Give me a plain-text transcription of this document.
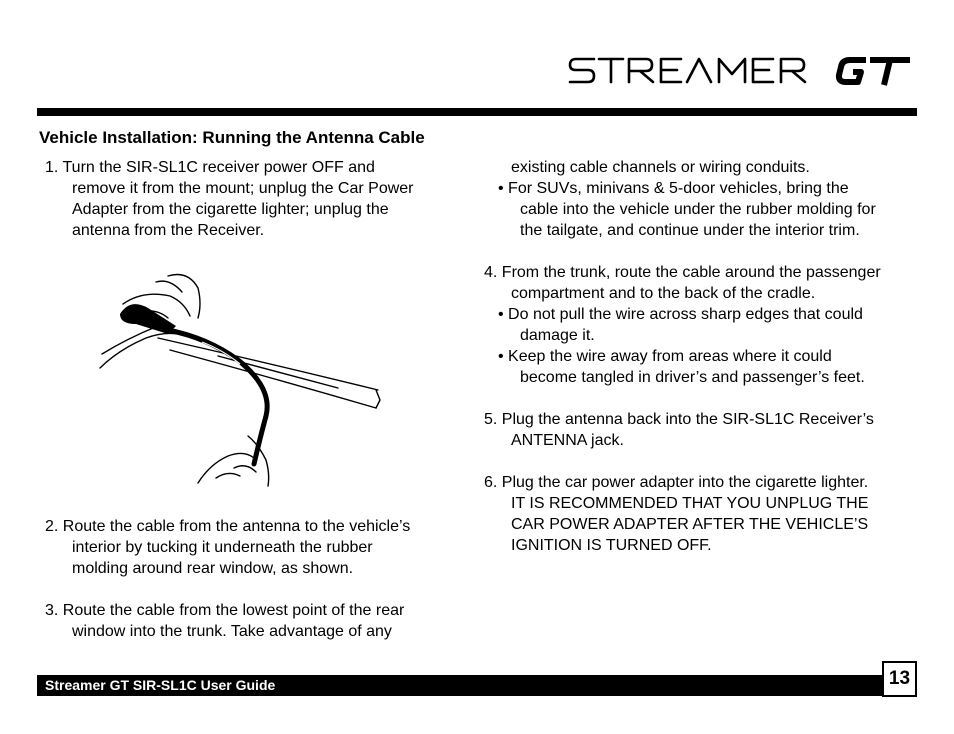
Vehicle Installation: Running the Antenna Cable

1. Turn the SIR-SL1C receiver power OFF and

remove it from the mount; unplug the Car Power

Adapter from the cigarette lighter; unplug the

antenna from the Receiver.

2. Route the cable from the antenna to the vehicle’s

interior by tucking it underneath the rubber

molding around rear window, as shown.

3. Route the cable from the lowest point of the rear

window into the trunk. Take advantage of any

existing cable channels or wiring conduits.

• For SUVs, minivans & 5-door vehicles, bring the

cable into the vehicle under the rubber molding for

the tailgate, and continue under the interior trim.

4. From the trunk, route the cable around the passenger

compartment and to the back of the cradle.

• Do not pull the wire across sharp edges that could

damage it.

• Keep the wire away from areas where it could

become tangled in driver’s and passenger’s feet.

5. Plug the antenna back into the SIR-SL1C Receiver’s

ANTENNA jack.

6. Plug the car power adapter into the cigarette lighter.

IT IS RECOMMENDED THAT YOU UNPLUG THE

CAR POWER ADAPTER AFTER THE VEHICLE’S

IGNITION IS TURNED OFF.

Streamer GT SIR-SL1C User Guide	13
